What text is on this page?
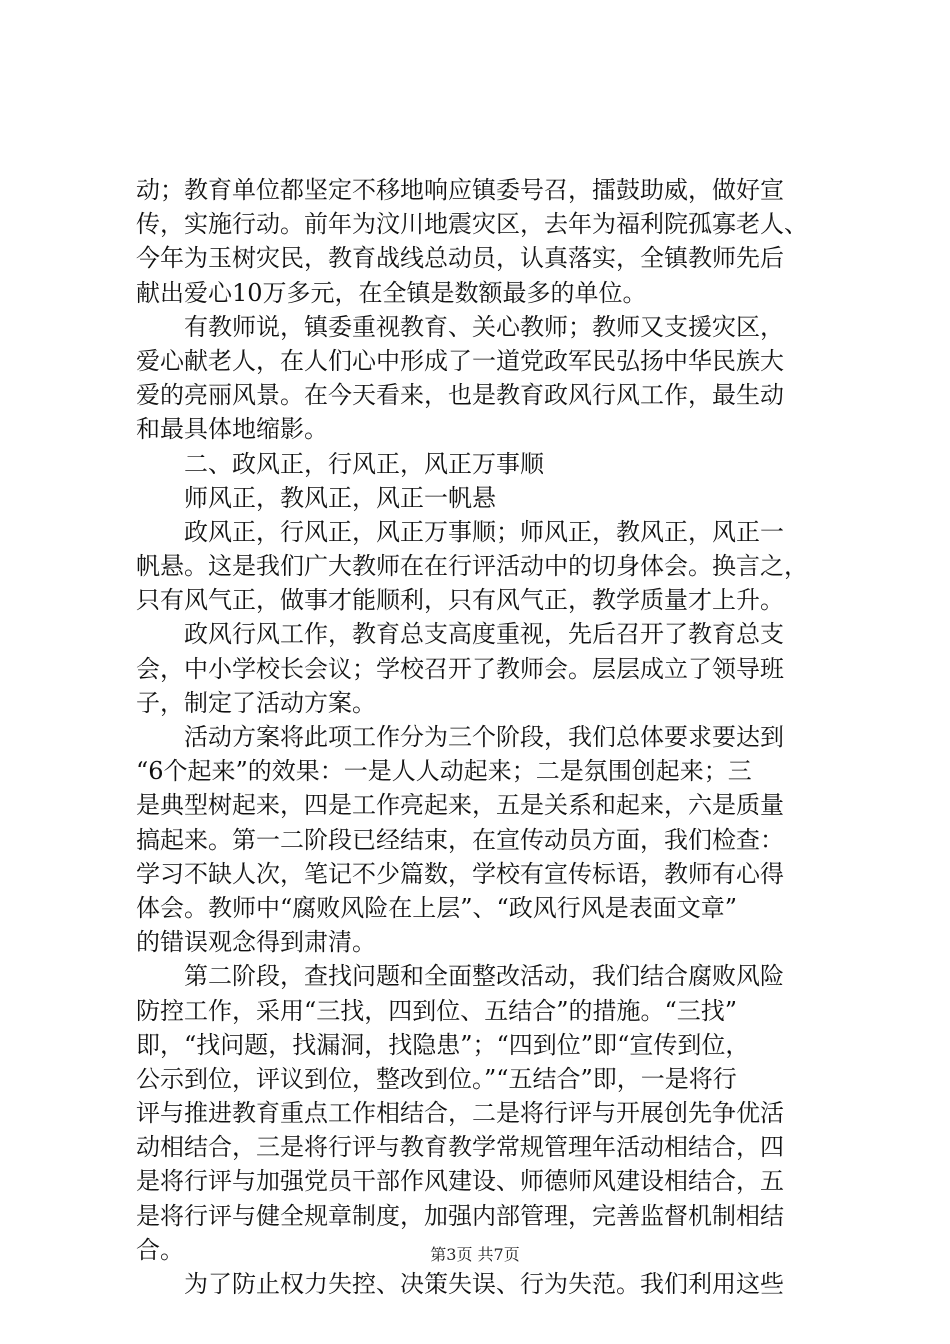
动；教育单位都坚定不移地响应镇委号召，擂鼓助威，做好宣
传，实施行动。前年为汶川地震灾区，去年为福利院孤寡老人、
今年为玉树灾民，教育战线总动员，认真落实，全镇教师先后
献出爱心10万多元，在全镇是数额最多的单位。
　　有教师说，镇委重视教育、关心教师；教师又支援灾区，
爱心献老人，在人们心中形成了一道党政军民弘扬中华民族大
爱的亮丽风景。在今天看来，也是教育政风行风工作，最生动
和最具体地缩影。
　　二、政风正，行风正，风正万事顺
　　师风正，教风正，风正一帆悬
　　政风正，行风正，风正万事顺；师风正，教风正，风正一
帆悬。这是我们广大教师在在行评活动中的切身体会。换言之，
只有风气正，做事才能顺利，只有风气正，教学质量才上升。
　　政风行风工作，教育总支高度重视，先后召开了教育总支
会，中小学校长会议；学校召开了教师会。层层成立了领导班
子，制定了活动方案。
　　活动方案将此项工作分为三个阶段，我们总体要求要达到
“6个起来”的效果：一是人人动起来；二是氛围创起来；三
是典型树起来，四是工作亮起来，五是关系和起来，六是质量
搞起来。第一二阶段已经结束，在宣传动员方面，我们检查：
学习不缺人次，笔记不少篇数，学校有宣传标语，教师有心得
体会。教师中“腐败风险在上层”、“政风行风是表面文章”
的错误观念得到肃清。
　　第二阶段，查找问题和全面整改活动，我们结合腐败风险
防控工作，采用“三找，四到位、五结合”的措施。“三找”
即，“找问题，找漏洞，找隐患”；“四到位”即“宣传到位，
公示到位，评议到位，整改到位。”“五结合”即，一是将行
评与推进教育重点工作相结合，二是将行评与开展创先争优活
动相结合，三是将行评与教育教学常规管理年活动相结合，四
是将行评与加强党员干部作风建设、师德师风建设相结合，五
是将行评与健全规章制度，加强内部管理，完善监督机制相结
合。
　　为了防止权力失控、决策失误、行为失范。我们利用这些
第3页 共7页
